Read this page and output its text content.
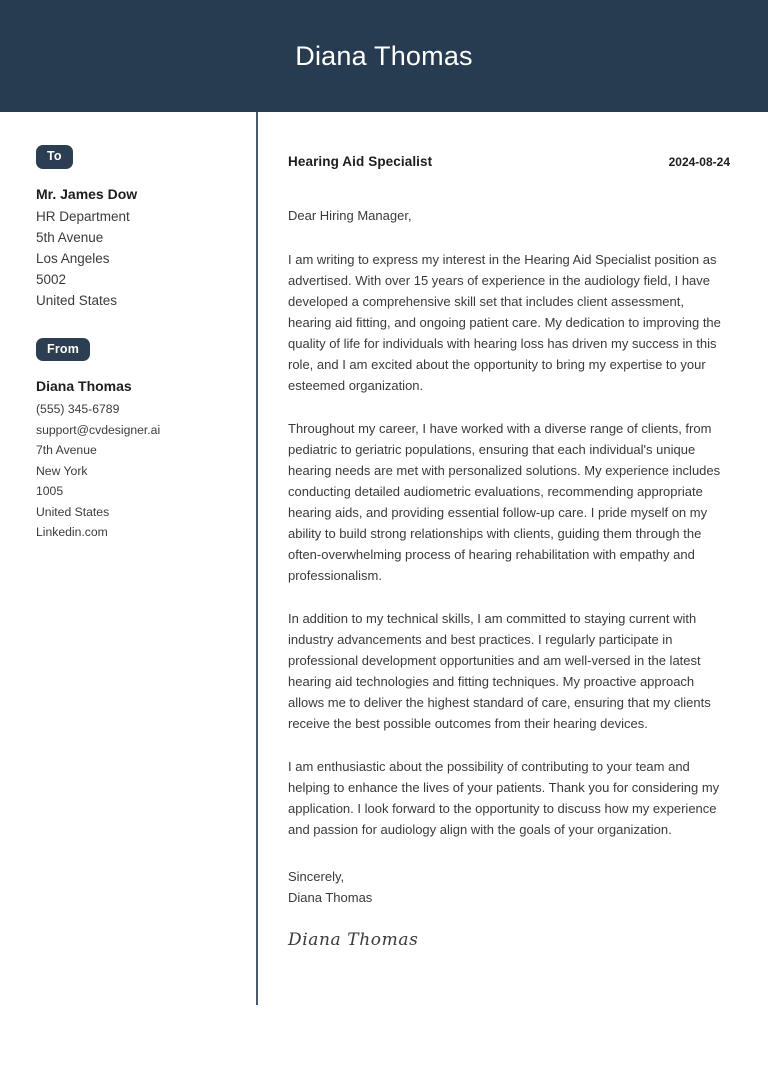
Diana Thomas
To
Mr. James Dow
HR Department
5th Avenue
Los Angeles
5002
United States
From
Diana Thomas
(555) 345-6789
support@cvdesigner.ai
7th Avenue
New York
1005
United States
Linkedin.com
Hearing Aid Specialist	2024-08-24
Dear Hiring Manager,

I am writing to express my interest in the Hearing Aid Specialist position as advertised. With over 15 years of experience in the audiology field, I have developed a comprehensive skill set that includes client assessment, hearing aid fitting, and ongoing patient care. My dedication to improving the quality of life for individuals with hearing loss has driven my success in this role, and I am excited about the opportunity to bring my expertise to your esteemed organization.

Throughout my career, I have worked with a diverse range of clients, from pediatric to geriatric populations, ensuring that each individual's unique hearing needs are met with personalized solutions. My experience includes conducting detailed audiometric evaluations, recommending appropriate hearing aids, and providing essential follow-up care. I pride myself on my ability to build strong relationships with clients, guiding them through the often-overwhelming process of hearing rehabilitation with empathy and professionalism.

In addition to my technical skills, I am committed to staying current with industry advancements and best practices. I regularly participate in professional development opportunities and am well-versed in the latest hearing aid technologies and fitting techniques. My proactive approach allows me to deliver the highest standard of care, ensuring that my clients receive the best possible outcomes from their hearing devices.

I am enthusiastic about the possibility of contributing to your team and helping to enhance the lives of your patients. Thank you for considering my application. I look forward to the opportunity to discuss how my experience and passion for audiology align with the goals of your organization.

Sincerely,
Diana Thomas
Diana Thomas
